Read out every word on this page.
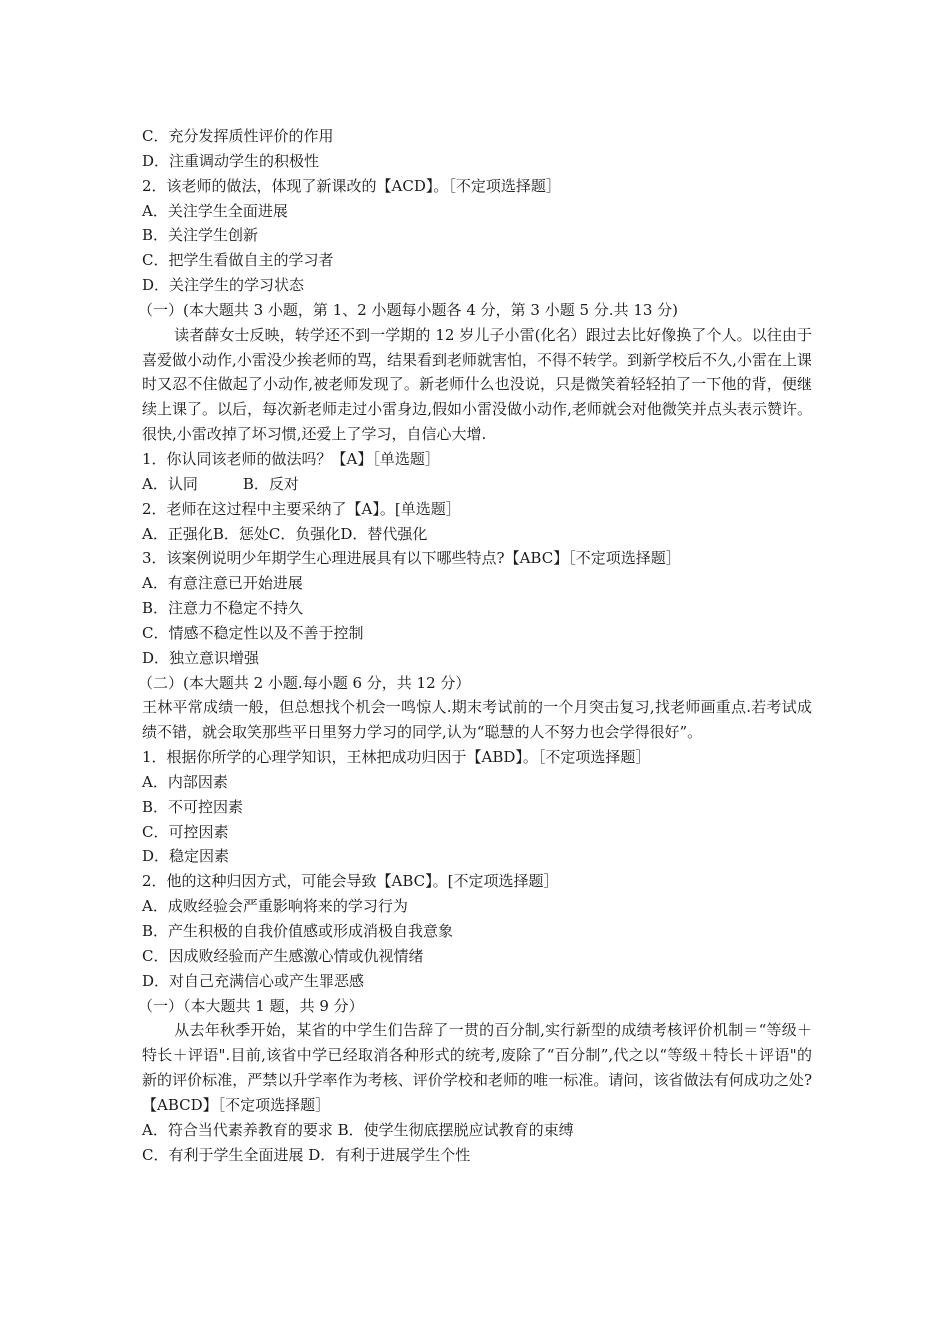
C．充分发挥质性评价的作用
D．注重调动学生的积极性
2．该老师的做法，体现了新课改的【ACD】。［不定项选择题］
A．关注学生全面进展
B．关注学生创新
C．把学生看做自主的学习者
D．关注学生的学习状态
（一）(本大题共 3 小题，第 1、2 小题每小题各 4 分，第 3 小题 5 分.共 13 分)
读者薛女士反映，转学还不到一学期的 12 岁儿子小雷(化名）跟过去比好像换了个人。以往由于喜爱做小动作,小雷没少挨老师的骂，结果看到老师就害怕，不得不转学。到新学校后不久,小雷在上课时又忍不住做起了小动作,被老师发现了。新老师什么也没说，只是微笑着轻轻拍了一下他的背，便继续上课了。以后，每次新老师走过小雷身边,假如小雷没做小动作,老师就会对他微笑并点头表示赞许。很快,小雷改掉了坏习惯,还爱上了学习，自信心大增.
1．你认同该老师的做法吗？【A】［单选题］
A．认同　　　B．反对
2．老师在这过程中主要采纳了【A】。[单选题］
A．正强化B．惩处C．负强化D．替代强化
3．该案例说明少年期学生心理进展具有以下哪些特点?【ABC】［不定项选择题］
A．有意注意已开始进展
B．注意力不稳定不持久
C．情感不稳定性以及不善于控制
D．独立意识增强
（二）(本大题共 2 小题.每小题 6 分，共 12 分）
王林平常成绩一般，但总想找个机会一鸣惊人.期末考试前的一个月突击复习,找老师画重点.若考试成绩不错，就会取笑那些平日里努力学习的同学,认为“聪慧的人不努力也会学得很好”。
1．根据你所学的心理学知识，王林把成功归因于【ABD】。［不定项选择题］
A．内部因素
B．不可控因素
C．可控因素
D．稳定因素
2．他的这种归因方式，可能会导致【ABC】。[不定项选择题］
A．成败经验会严重影响将来的学习行为
B．产生积极的自我价值感或形成消极自我意象
C．因成败经验而产生感激心情或仇视情绪
D．对自己充满信心或产生罪恶感
（一）（本大题共 1 题，共 9 分）
从去年秋季开始，某省的中学生们告辞了一贯的百分制,实行新型的成绩考核评价机制＝“等级＋特长＋评语".目前,该省中学已经取消各种形式的统考,废除了“百分制”,代之以“等级＋特长＋评语"的新的评价标准，严禁以升学率作为考核、评价学校和老师的唯一标准。请问，该省做法有何成功之处?【ABCD】［不定项选择题］
A．符合当代素养教育的要求 B．使学生彻底摆脱应试教育的束缚
C．有利于学生全面进展 D．有利于进展学生个性
